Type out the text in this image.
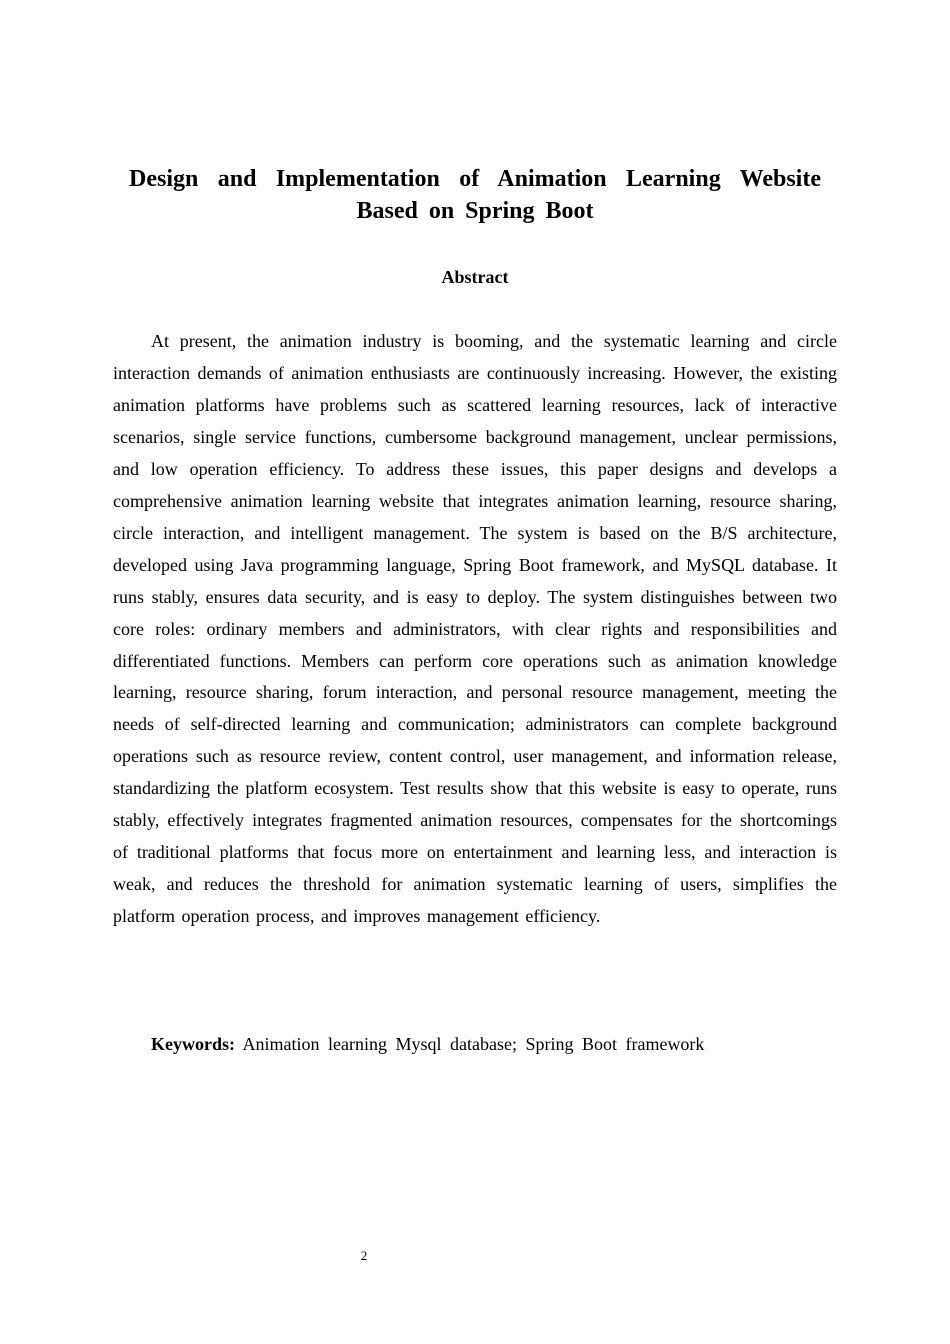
Design and Implementation of Animation Learning Website
Based on Spring Boot
Abstract

At present, the animation industry is booming, and the systematic learning and circle interaction demands of animation enthusiasts are continuously increasing. However, the existing animation platforms have problems such as scattered learning resources, lack of interactive scenarios, single service functions, cumbersome background management, unclear permissions, and low operation efficiency. To address these issues, this paper designs and develops a comprehensive animation learning website that integrates animation learning, resource sharing, circle interaction, and intelligent management. The system is based on the B/S architecture, developed using Java programming language, Spring Boot framework, and MySQL database. It runs stably, ensures data security, and is easy to deploy. The system distinguishes between two core roles: ordinary members and administrators, with clear rights and responsibilities and differentiated functions. Members can perform core operations such as animation knowledge learning, resource sharing, forum interaction, and personal resource management, meeting the needs of self-directed learning and communication; administrators can complete background operations such as resource review, content control, user management, and information release, standardizing the platform ecosystem. Test results show that this website is easy to operate, runs stably, effectively integrates fragmented animation resources, compensates for the shortcomings of traditional platforms that focus more on entertainment and learning less, and interaction is weak, and reduces the threshold for animation systematic learning of users, simplifies the platform operation process, and improves management efficiency.

Keywords: Animation learning Mysql database; Spring Boot framework

2
